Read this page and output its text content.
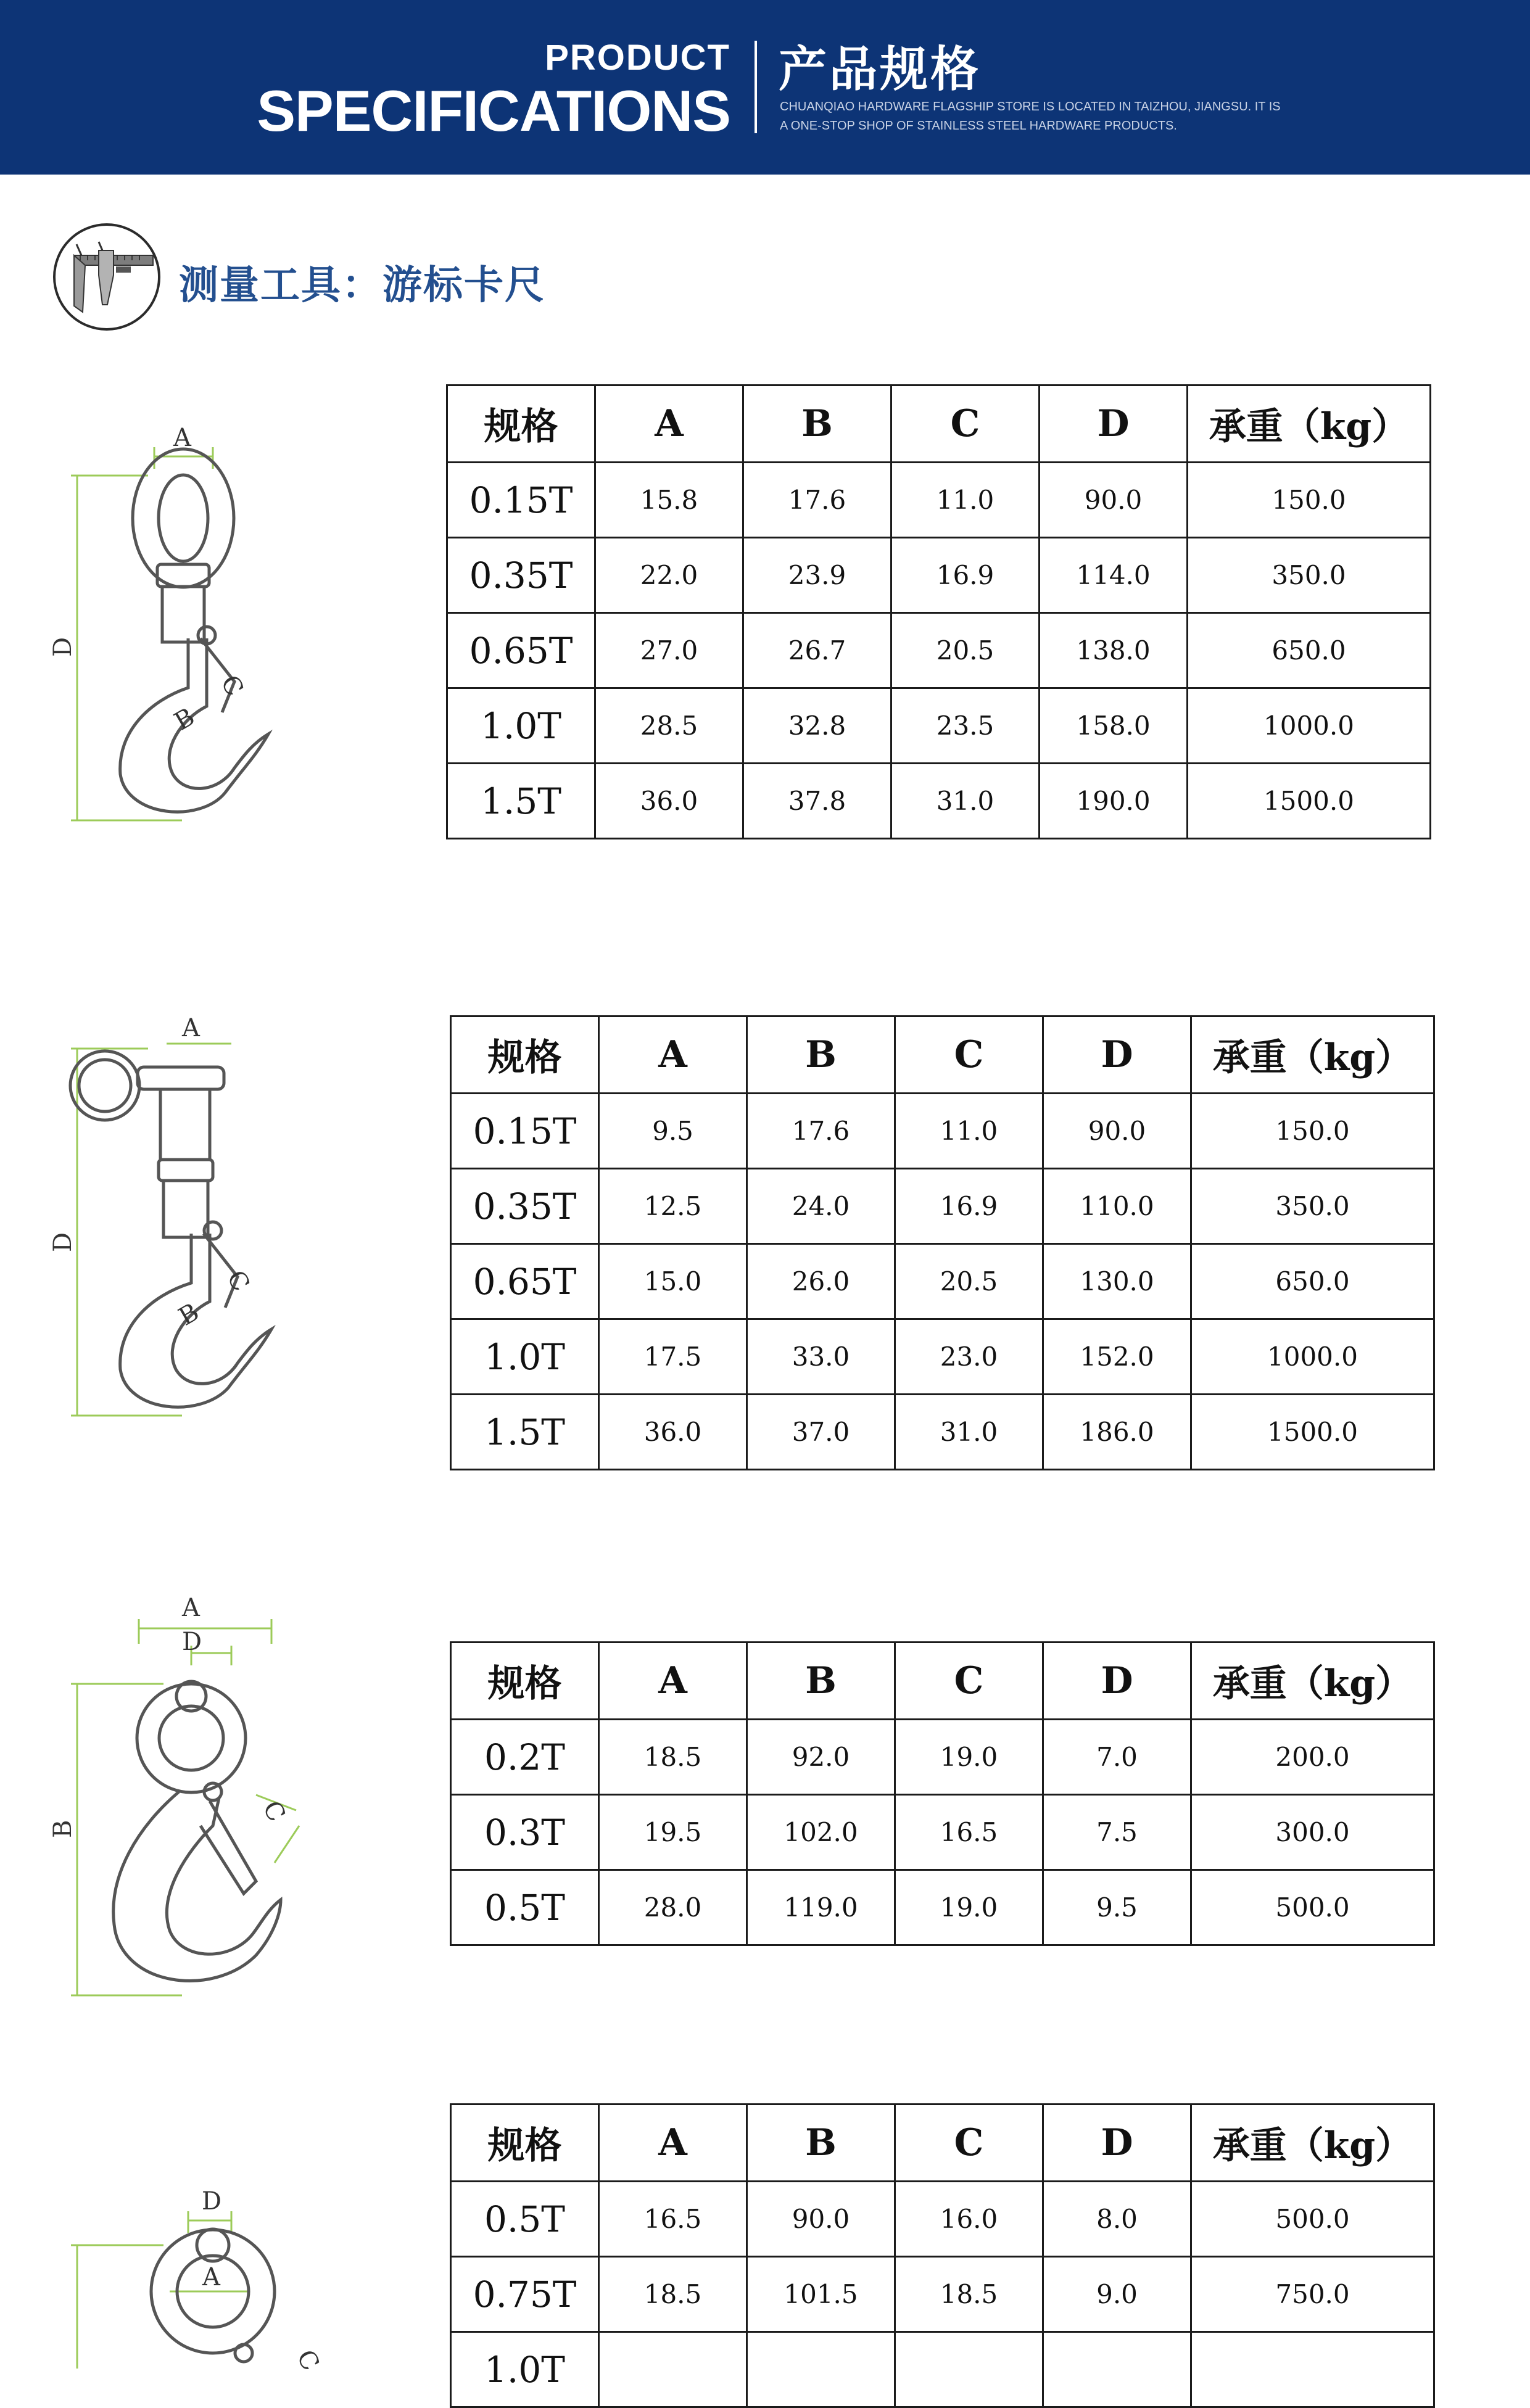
PRODUCT
SPECIFICATIONS
产品规格
CHUANQIAO HARDWARE FLAGSHIP STORE IS LOCATED IN TAIZHOU, JIANGSU. IT IS
A ONE-STOP SHOP OF STAINLESS STEEL HARDWARE PRODUCTS.
测量工具：游标卡尺
A
B
C
D
规格	A	B	C	D	承重（kg）
0.15T	15.8	17.6	11.0	90.0	150.0
0.35T	22.0	23.9	16.9	114.0	350.0
0.65T	27.0	26.7	20.5	138.0	650.0
1.0T	28.5	32.8	23.5	158.0	1000.0
1.5T	36.0	37.8	31.0	190.0	1500.0
A
B
C
D
规格	A	B	C	D	承重（kg）
0.15T	9.5	17.6	11.0	90.0	150.0
0.35T	12.5	24.0	16.9	110.0	350.0
0.65T	15.0	26.0	20.5	130.0	650.0
1.0T	17.5	33.0	23.0	152.0	1000.0
1.5T	36.0	37.0	31.0	186.0	1500.0
A
D
B
C
规格	A	B	C	D	承重（kg）
0.2T	18.5	92.0	19.0	7.0	200.0
0.3T	19.5	102.0	16.5	7.5	300.0
0.5T	28.0	119.0	19.0	9.5	500.0
D
A
C
规格	A	B	C	D	承重（kg）
0.5T	16.5	90.0	16.0	8.0	500.0
0.75T	18.5	101.5	18.5	9.0	750.0
1.0T					
